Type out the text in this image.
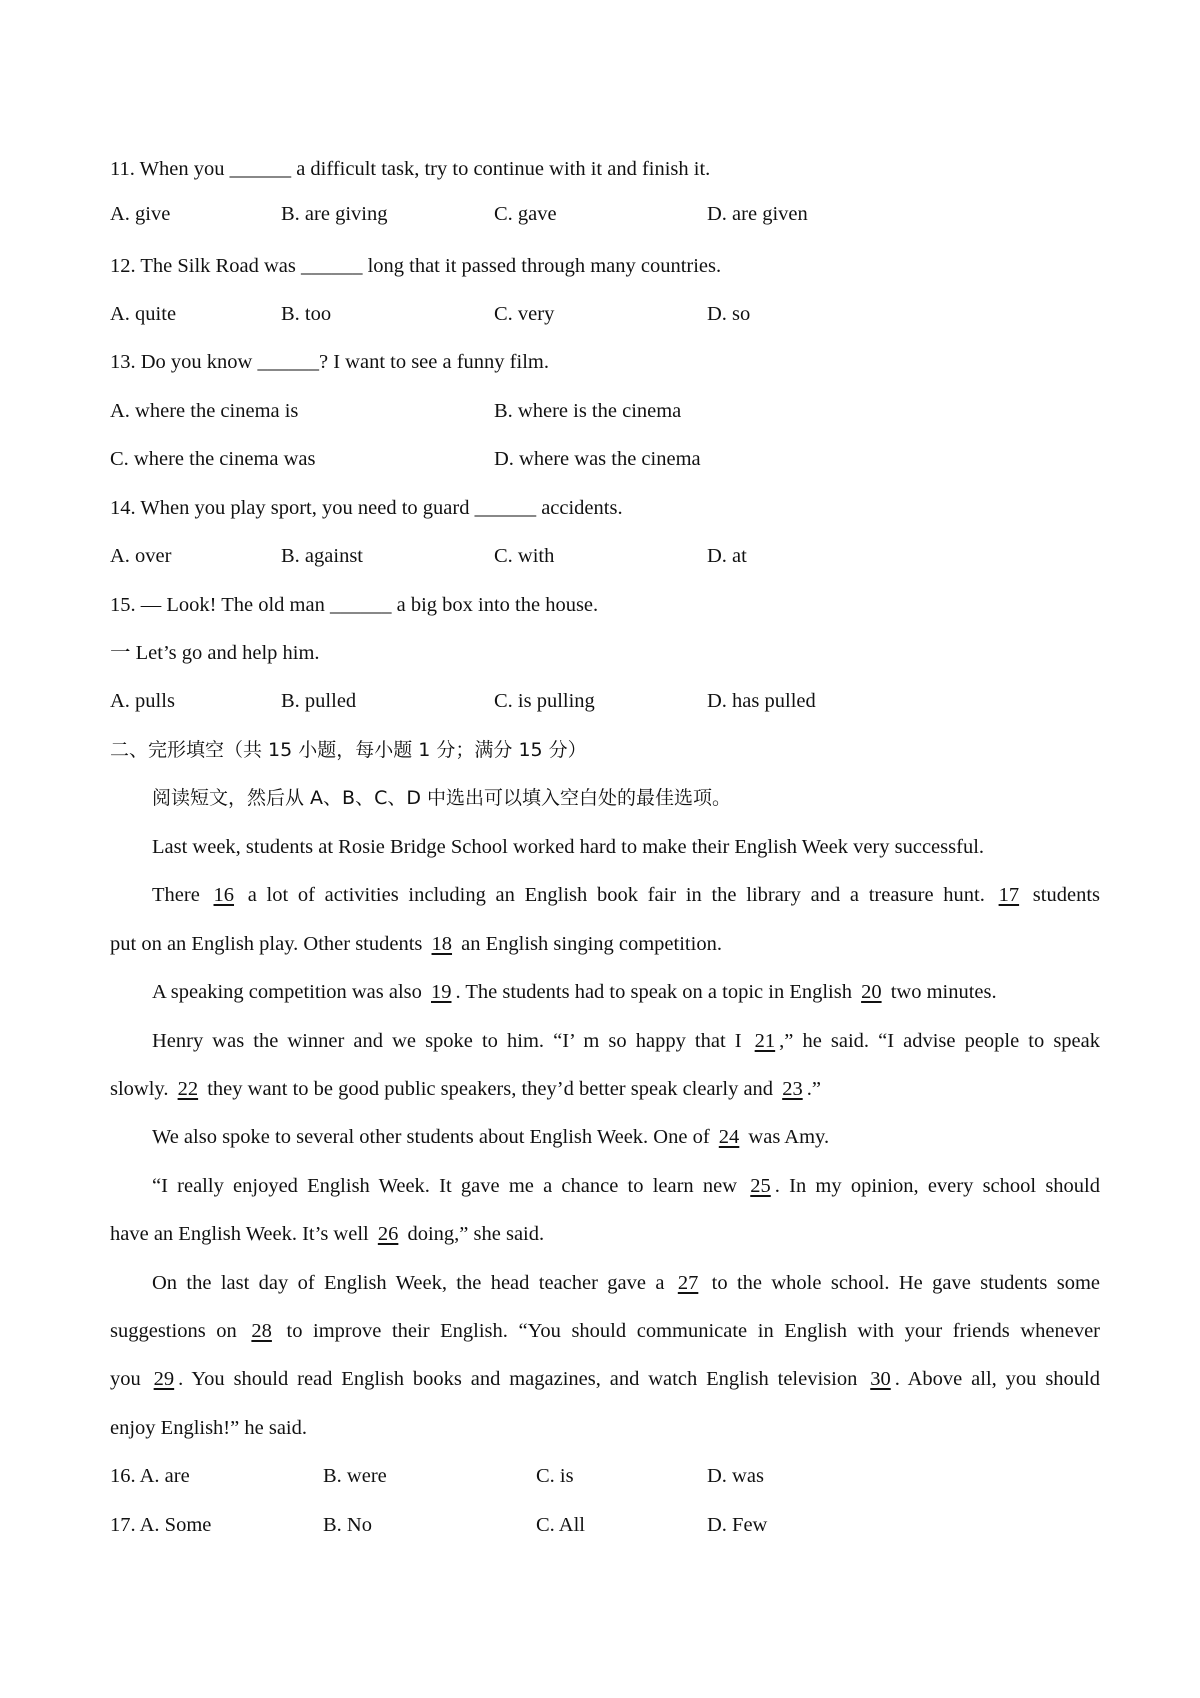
11. When you ______ a difficult task, try to continue with it and finish it.
A. give	B. are giving	C. gave	D. are given
12. The Silk Road was ______ long that it passed through many countries.
A. quite	B. too	C. very	D. so
13. Do you know ______? I want to see a funny film.
A. where the cinema is	B. where is the cinema
C. where the cinema was	D. where was the cinema
14. When you play sport, you need to guard ______ accidents.
A. over	B. against	C. with	D. at
15. — Look! The old man ______ a big box into the house.
一 Let’s go and help him.
A. pulls	B. pulled	C. is pulling	D. has pulled
二、完形填空（共 15 小题，每小题 1 分；满分 15 分）
阅读短文，然后从 A、B、C、D 中选出可以填入空白处的最佳选项。
Last week, students at Rosie Bridge School worked hard to make their English Week very successful.
There 16 a lot of activities including an English book fair in the library and a treasure hunt. 17 students
put on an English play. Other students 18 an English singing competition.
A speaking competition was also 19 . The students had to speak on a topic in English 20 two minutes.
Henry was the winner and we spoke to him. “I’ m so happy that I 21 ,” he said. “I advise people to speak
slowly. 22 they want to be good public speakers, they’d better speak clearly and 23 .”
We also spoke to several other students about English Week. One of 24 was Amy.
“I really enjoyed English Week. It gave me a chance to learn new 25 . In my opinion, every school should
have an English Week. It’s well 26 doing,” she said.
On the last day of English Week, the head teacher gave a 27 to the whole school. He gave students some
suggestions on 28 to improve their English. “You should communicate in English with your friends whenever
you 29 . You should read English books and magazines, and watch English television 30 . Above all, you should
enjoy English!” he said.
16. A. are	B. were	C. is	D. was
17. A. Some	B. No	C. All	D. Few
